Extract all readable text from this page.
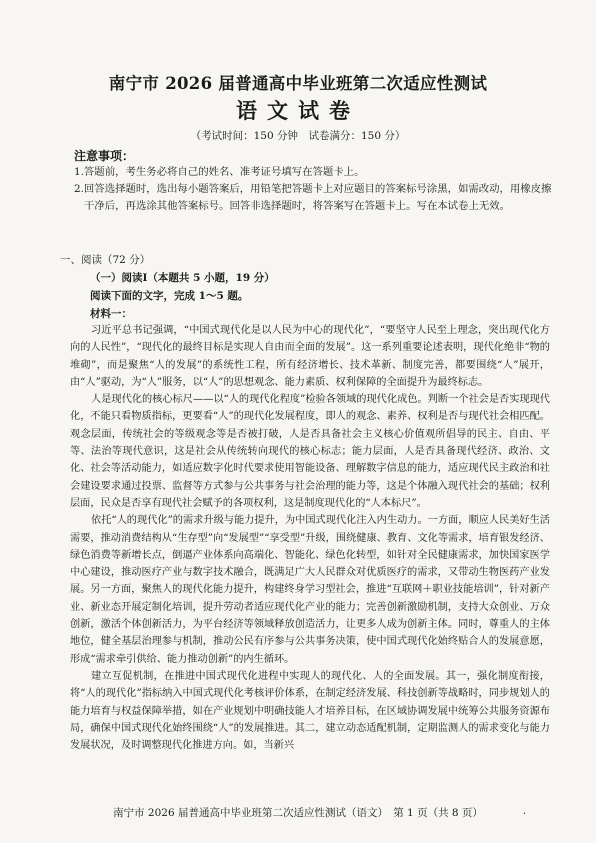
南宁市 2026 届普通高中毕业班第二次适应性测试
语文试卷
（考试时间：150 分钟　试卷满分：150 分）
注意事项：
1.答题前，考生务必将自己的姓名、准考证号填写在答题卡上。
2.回答选择题时，选出每小题答案后，用铅笔把答题卡上对应题目的答案标号涂黑，如需改动，用橡皮擦干净后，再选涂其他答案标号。回答非选择题时，将答案写在答题卡上。写在本试卷上无效。
一、阅读（72 分）
（一）阅读Ⅰ（本题共 5 小题，19 分）
阅读下面的文字，完成 1～5 题。
材料一：

习近平总书记强调，“中国式现代化是以人民为中心的现代化”，“要坚守人民至上理念，突出现代化方向的人民性”，“现代化的最终目标是实现人自由而全面的发展”。这一系列重要论述表明，现代化绝非“物的堆砌”，而是聚焦“人的发展”的系统性工程，所有经济增长、技术革新、制度完善，都要围绕“人”展开，由“人”驱动，为“人”服务，以“人”的思想观念、能力素质、权利保障的全面提升为最终标志。

人是现代化的核心标尺——以“人的现代化程度”检验各领域的现代化成色。判断一个社会是否实现现代化，不能只看物质指标，更要看“人”的现代化发展程度，即人的观念、素养、权利是否与现代社会相匹配。观念层面，传统社会的等级观念等是否被打破，人是否具备社会主义核心价值观所倡导的民主、自由、平等、法治等现代意识，这是社会从传统转向现代的核心标志；能力层面，人是否具备现代经济、政治、文化、社会等活动能力，如适应数字化时代要求使用智能设备、理解数字信息的能力，适应现代民主政治和社会建设要求通过投票、监督等方式参与公共事务与社会治理的能力等，这是个体融入现代社会的基础；权利层面，民众是否享有现代社会赋予的各项权利，这是制度现代化的“人本标尺”。

依托“人的现代化”的需求升级与能力提升，为中国式现代化注入内生动力。一方面，顺应人民美好生活需要，推动消费结构从“生存型”向“发展型”“享受型”升级，围绕健康、教育、文化等需求，培育银发经济、绿色消费等新增长点，倒逼产业体系向高端化、智能化、绿色化转型，如针对全民健康需求，加快国家医学中心建设，推动医疗产业与数字技术融合，既满足广大人民群众对优质医疗的需求，又带动生物医药产业发展。另一方面，聚焦人的现代化能力提升，构建终身学习型社会，推进“互联网＋职业技能培训”，针对新产业、新业态开展定制化培训，提升劳动者适应现代化产业的能力；完善创新激励机制，支持大众创业、万众创新，激活个体创新活力，为平台经济等领域释放创造活力，让更多人成为创新主体。同时，尊重人的主体地位，健全基层治理参与机制，推动公民有序参与公共事务决策，使中国式现代化始终贴合人的发展意愿，形成“需求牵引供给、能力推动创新”的内生循环。

建立互促机制，在推进中国式现代化进程中实现人的现代化、人的全面发展。其一，强化制度衔接，将“人的现代化”指标纳入中国式现代化考核评价体系，在制定经济发展、科技创新等战略时，同步规划人的能力培育与权益保障举措，如在产业规划中明确技能人才培养目标，在区域协调发展中统筹公共服务资源布局，确保中国式现代化始终围绕“人”的发展推进。其二，建立动态适配机制，定期监测人的需求变化与能力发展状况，及时调整现代化推进方向。如，当新兴

南宁市 2026 届普通高中毕业班第二次适应性测试（语文）　第 1 页（共 8 页）	.
